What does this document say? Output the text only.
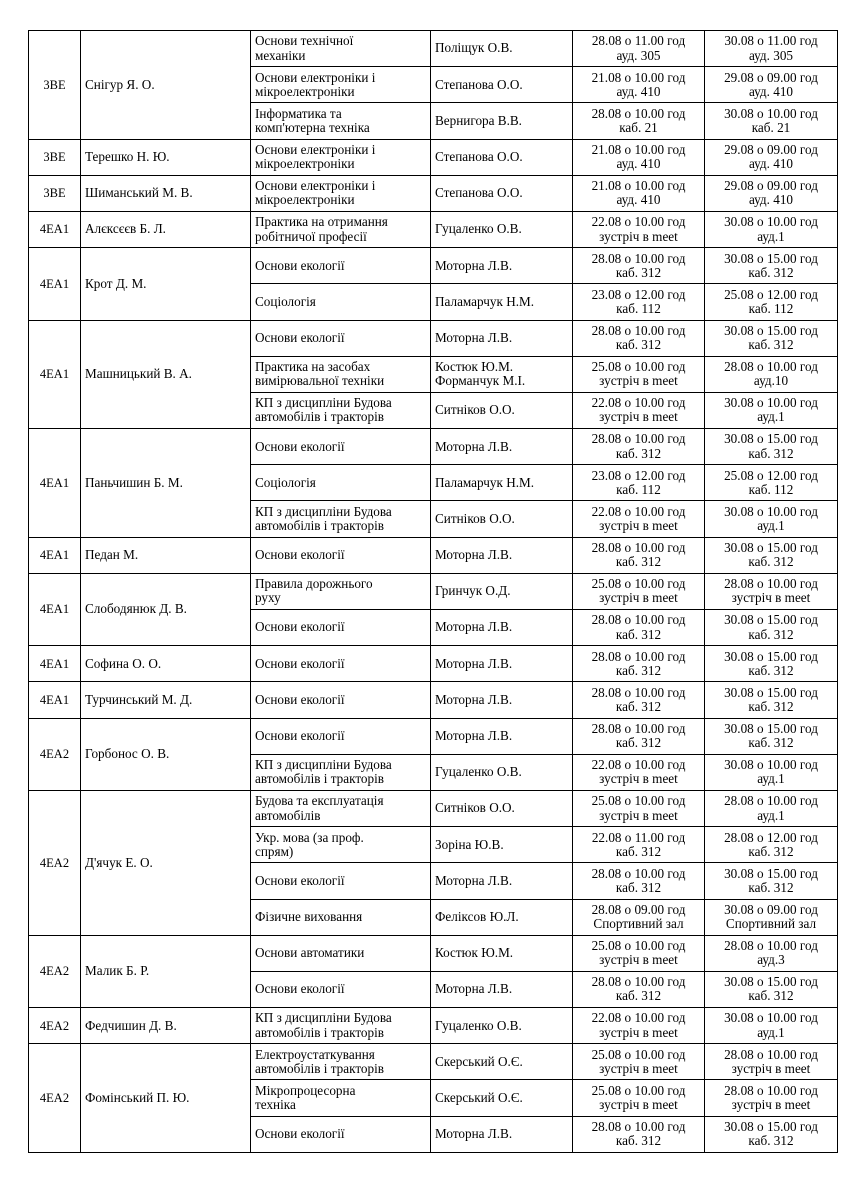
3ВЕ	Снігур Я. О.	Основи технічної
механіки	Поліщук О.В.	28.08 о 11.00 год
ауд. 305	30.08 о 11.00 год
ауд. 305

		Основи електроніки і
мікроелектроніки	Степанова О.О.	21.08 о 10.00 год
ауд. 410	29.08 о 09.00 год
ауд. 410

		Інформатика та
комп'ютерна техніка	Вернигора В.В.	28.08 о 10.00 год
каб. 21	30.08 о 10.00 год
каб. 21

3ВЕ	Терешко Н. Ю.	Основи електроніки і
мікроелектроніки	Степанова О.О.	21.08 о 10.00 год
ауд. 410	29.08 о 09.00 год
ауд. 410

3ВЕ	Шиманський М. В.	Основи електроніки і
мікроелектроніки	Степанова О.О.	21.08 о 10.00 год
ауд. 410	29.08 о 09.00 год
ауд. 410

4ЕА1	Алєксєєв Б. Л.	Практика на отримання
робітничої професії	Гуцаленко О.В.	22.08 о 10.00 год
зустріч в meet	30.08 о 10.00 год
ауд.1

4ЕА1	Крот Д. М.	Основи екології	Моторна Л.В.	28.08 о 10.00 год
каб. 312	30.08 о 15.00 год
каб. 312

		Соціологія	Паламарчук Н.М.	23.08 о 12.00 год
каб. 112	25.08 о 12.00 год
каб. 112

4ЕА1	Машницький В. А.	Основи екології	Моторна Л.В.	28.08 о 10.00 год
каб. 312	30.08 о 15.00 год
каб. 312

		Практика на засобах
вимірювальної техніки	Костюк Ю.М.
Форманчук М.І.	25.08 о 10.00 год
зустріч в meet	28.08 о 10.00 год
ауд.10

		КП з дисципліни Будова
автомобілів і тракторів	Ситніков О.О.	22.08 о 10.00 год
зустріч в meet	30.08 о 10.00 год
ауд.1

4ЕА1	Паньчишин Б. М.	Основи екології	Моторна Л.В.	28.08 о 10.00 год
каб. 312	30.08 о 15.00 год
каб. 312

		Соціологія	Паламарчук Н.М.	23.08 о 12.00 год
каб. 112	25.08 о 12.00 год
каб. 112

		КП з дисципліни Будова
автомобілів і тракторів	Ситніков О.О.	22.08 о 10.00 год
зустріч в meet	30.08 о 10.00 год
ауд.1

4ЕА1	Педан М.	Основи екології	Моторна Л.В.	28.08 о 10.00 год
каб. 312	30.08 о 15.00 год
каб. 312

4ЕА1	Слободянюк Д. В.	Правила дорожнього
руху	Гринчук О.Д.	25.08 о 10.00 год
зустріч в meet	28.08 о 10.00 год
зустріч в meet

		Основи екології	Моторна Л.В.	28.08 о 10.00 год
каб. 312	30.08 о 15.00 год
каб. 312

4ЕА1	Софина О. О.	Основи екології	Моторна Л.В.	28.08 о 10.00 год
каб. 312	30.08 о 15.00 год
каб. 312

4ЕА1	Турчинський М. Д.	Основи екології	Моторна Л.В.	28.08 о 10.00 год
каб. 312	30.08 о 15.00 год
каб. 312

4ЕА2	Горбонос О. В.	Основи екології	Моторна Л.В.	28.08 о 10.00 год
каб. 312	30.08 о 15.00 год
каб. 312

		КП з дисципліни Будова
автомобілів і тракторів	Гуцаленко О.В.	22.08 о 10.00 год
зустріч в meet	30.08 о 10.00 год
ауд.1

4ЕА2	Д'ячук Е. О.	Будова та експлуатація
автомобілів	Ситніков О.О.	25.08 о 10.00 год
зустріч в meet	28.08 о 10.00 год
ауд.1

		Укр. мова (за проф.
спрям)	Зоріна Ю.В.	22.08 о 11.00 год
каб. 312	28.08 о 12.00 год
каб. 312

		Основи екології	Моторна Л.В.	28.08 о 10.00 год
каб. 312	30.08 о 15.00 год
каб. 312

		Фізичне виховання	Феліксов Ю.Л.	28.08 о 09.00 год
Спортивний зал	30.08 о 09.00 год
Спортивний зал

4ЕА2	Малик Б. Р.	Основи автоматики	Костюк Ю.М.	25.08 о 10.00 год
зустріч в meet	28.08 о 10.00 год
ауд.3

		Основи екології	Моторна Л.В.	28.08 о 10.00 год
каб. 312	30.08 о 15.00 год
каб. 312

4ЕА2	Федчишин Д. В.	КП з дисципліни Будова
автомобілів і тракторів	Гуцаленко О.В.	22.08 о 10.00 год
зустріч в meet	30.08 о 10.00 год
ауд.1

4ЕА2	Фомінський П. Ю.	Електроустаткування
автомобілів і тракторів	Скерський О.Є.	25.08 о 10.00 год
зустріч в meet	28.08 о 10.00 год
зустріч в meet

		Мікропроцесорна
техніка	Скерський О.Є.	25.08 о 10.00 год
зустріч в meet	28.08 о 10.00 год
зустріч в meet

		Основи екології	Моторна Л.В.	28.08 о 10.00 год
каб. 312	30.08 о 15.00 год
каб. 312
